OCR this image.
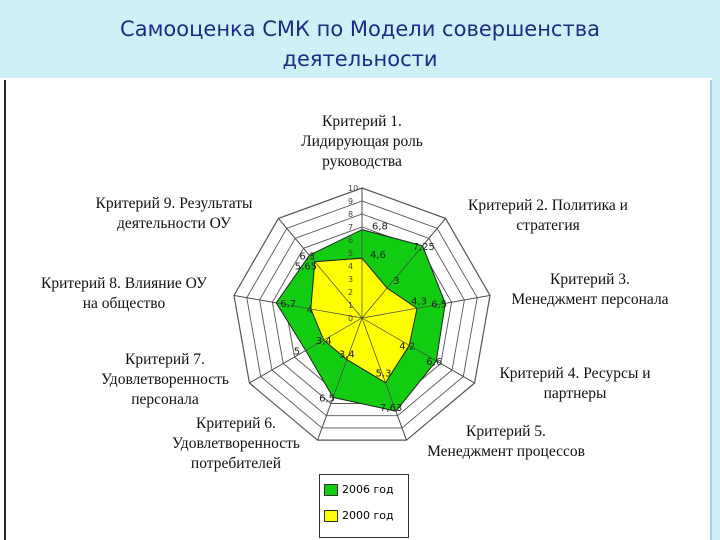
Самооценка СМК по Модели совершенства
деятельности
0
1
2
3
4
5
6
7
8
9
10
6,8
7,25
6,5
6,6
7,63
6,5
5
6,7
6,3	4,6
3
4,3
4,2
5,3
3,4
3,4
4
5,65
Критерий 1.
Лидирующая роль
руководства
Критерий 2. Политика и
стратегия
Критерий 3.
Менеджмент персонала
Критерий 4. Ресурсы и
партнеры
Критерий 5.
Менеджмент процессов
Критерий 6.
Удовлетворенность
потребителей
Критерий 7.
Удовлетворенность
персонала
Критерий 8. Влияние ОУ
на общество
Критерий 9. Результаты
деятельности ОУ
2006 год
2000 год
